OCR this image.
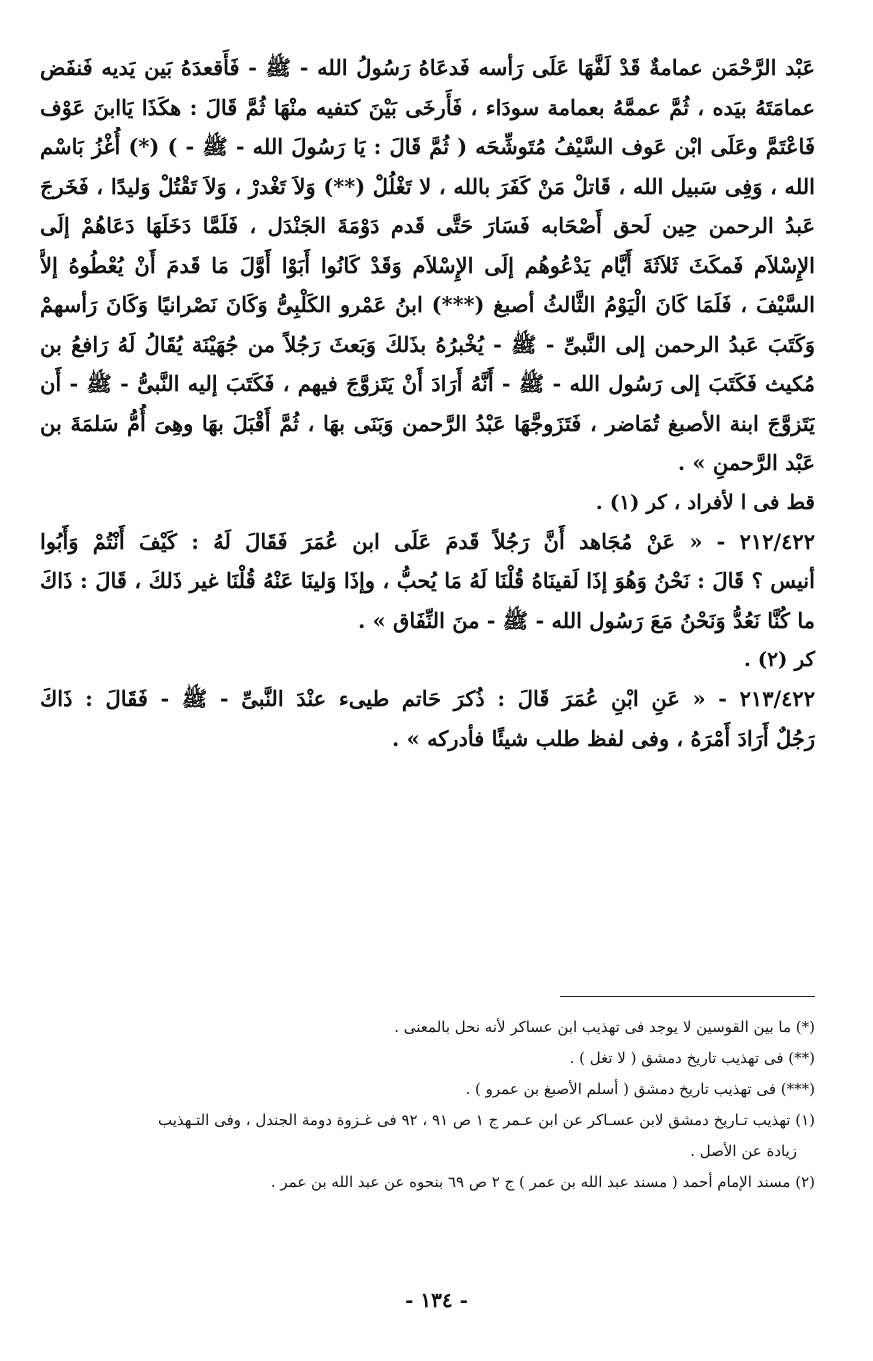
عَبْد الرَّحْمَن عمامةٌ قَدْ لَفَّهَا عَلَى رَأسه فَدعَاهُ رَسُولُ الله - ﷺ - فَأَقعدَهُ بَين يَديه فَنفَض
عمامَتَهُ بيَده ، ثُمَّ عممَّهُ بعمامة سودَاء ، فَأَرخَى بَيْنَ كتفيه منْهَا ثُمَّ قَالَ : هكَذَا يَاابنَ عَوْف
فَاعْتَمَّ وعَلَى ابْن عَوف السَّيْفُ مُتَوشِّحَه ( ثُمَّ قَالَ : يَا رَسُولَ الله - ﷺ - ) (*) أُغْزُ بَاسْم
الله ، وَفِى سَبيل الله ، قَاتلْ مَنْ كَفَرَ بالله ، لا تَغْلُلْ (**) وَلاَ تَغْدرْ ، وَلاَ تَقْتُلْ وَليدًا ، فَخَرجَ
عَبدُ الرحمن حِين لَحق أَصْحَابه فَسَارَ حَتَّى قَدم دَوْمَةَ الجَنْدَل ، فَلَمَّا دَخَلَهَا دَعَاهُمْ إلَى
الإِسْلاَم فَمكَثَ ثَلاَثَةَ أَيَّام يَدْعُوهُم إلَى الإِسْلاَم وَقَدْ كَانُوا أَبَوْا أَوَّلَ مَا قَدمَ أَنْ يُعْطُوهُ إلاَّ
السَّيْفَ ، فَلَمَا كَانَ الْيَوْمُ الثَّالثُ أصبغ (***) ابنُ عَمْرو الكَلْبِىُّ وَكَانَ نَصْرانيًا وَكَانَ رَأسهمْ
وَكَتَبَ عَبدُ الرحمن إلى النَّبىِّ - ﷺ - يُخْبرُهُ بذَلكَ وَبَعثَ رَجُلاً من جُهَيْنَة يُقَالُ لَهُ رَافعُ بن
مُكيث فَكَتَبَ إلى رَسُول الله - ﷺ - أَنَّهُ أَرَادَ أَنْ يَتَزوَّجَ فيهم ، فَكَتَبَ إليه النَّبىُّ - ﷺ - أَن
يَتَزوَّجَ ابنة الأصبغ تُمَاضر ، فَتَزَوجَّهَا عَبْدُ الرَّحمن وَبَنَى بهَا ، ثُمَّ أَقْبَلَ بهَا وهِىَ أُمُّ سَلمَةَ بن
عَبْد الرَّحمنِ » .
قط فى ا لأفراد ، كر (١) .
٢١٢/٤٢٢ - « عَنْ مُجَاهد أَنَّ رَجُلاً قَدمَ عَلَى ابن عُمَرَ فَقَالَ لَهُ : كَيْفَ أَنْتُمْ وَأَبُوا
أنيس ؟ قَالَ : نَحْنُ وَهُوَ إذَا لَقينَاهُ قُلْنَا لَهُ مَا يُحبُّ ، وإذَا وَلينَا عَنْهُ قُلْنَا غير ذَلكَ ، قَالَ : ذَاكَ
ما كُنَّا نَعُدُّ وَنَحْنُ مَعَ رَسُول الله - ﷺ - منَ النِّفَاق » .
كر (٢) .
٢١٣/٤٢٢ - « عَنِ ابْنِ عُمَرَ قَالَ : ذُكرَ حَاتم طيىء عنْدَ النَّبىِّ - ﷺ - فَقَالَ : ذَاكَ
رَجُلٌ أَرَادَ أَمْرَهُ ، وفى لفظ طلب شيئًا فأدركه » .
(*) ما بين القوسين لا يوجد فى تهذيب ابن عساكر لأنه نحل بالمعنى .
(**) فى تهذيب تاريخ دمشق ( لا تغل ) .
(***) فى تهذيب تاريخ دمشق ( أسلم الأصبغ بن عمرو ) .
(١) تهذيب تـاريخ دمشق لابن عسـاكر عن ابن عـمر ج ١ ص ٩١ ، ٩٢ فى غـزوة دومة الجندل ، وفى التـهذيب
زيادة عن الأصل .
(٢) مسند الإمام أحمد ( مسند عبد الله بن عمر ) ج ٢ ص ٦٩ بنحوه عن عبد الله بن عمر .
- ١٣٤ -
